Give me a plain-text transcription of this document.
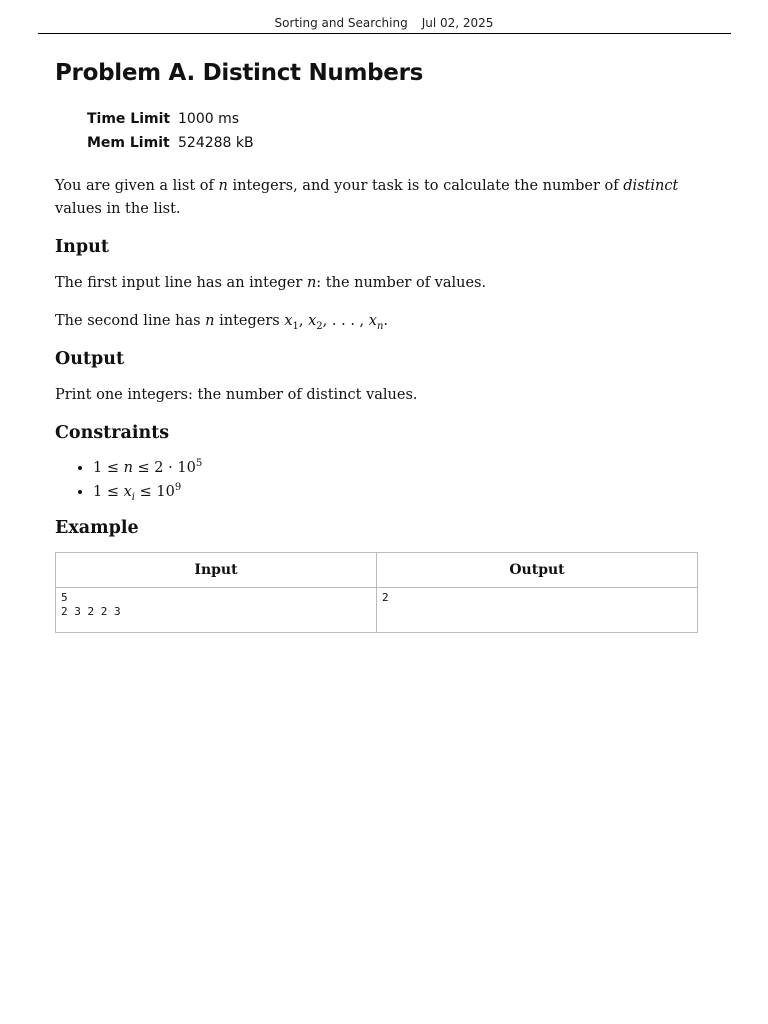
Sorting and Searching Jul 02, 2025
Problem A. Distinct Numbers
Time Limit 1000 ms
Mem Limit 524288 kB

You are given a list of n integers, and your task is to calculate the number of distinct values in the list.

Input

The first input line has an integer n: the number of values.

The second line has n integers $x_1$, $x_2$, . . . , $x_n$.

Output

Print one integers: the number of distinct values.

Constraints
• $1 \le n \le 2 \cdot 10^5$
• $1 \le x_i \le 10^9$
Example
Input	Output
5
2 3 2 2 3	2
